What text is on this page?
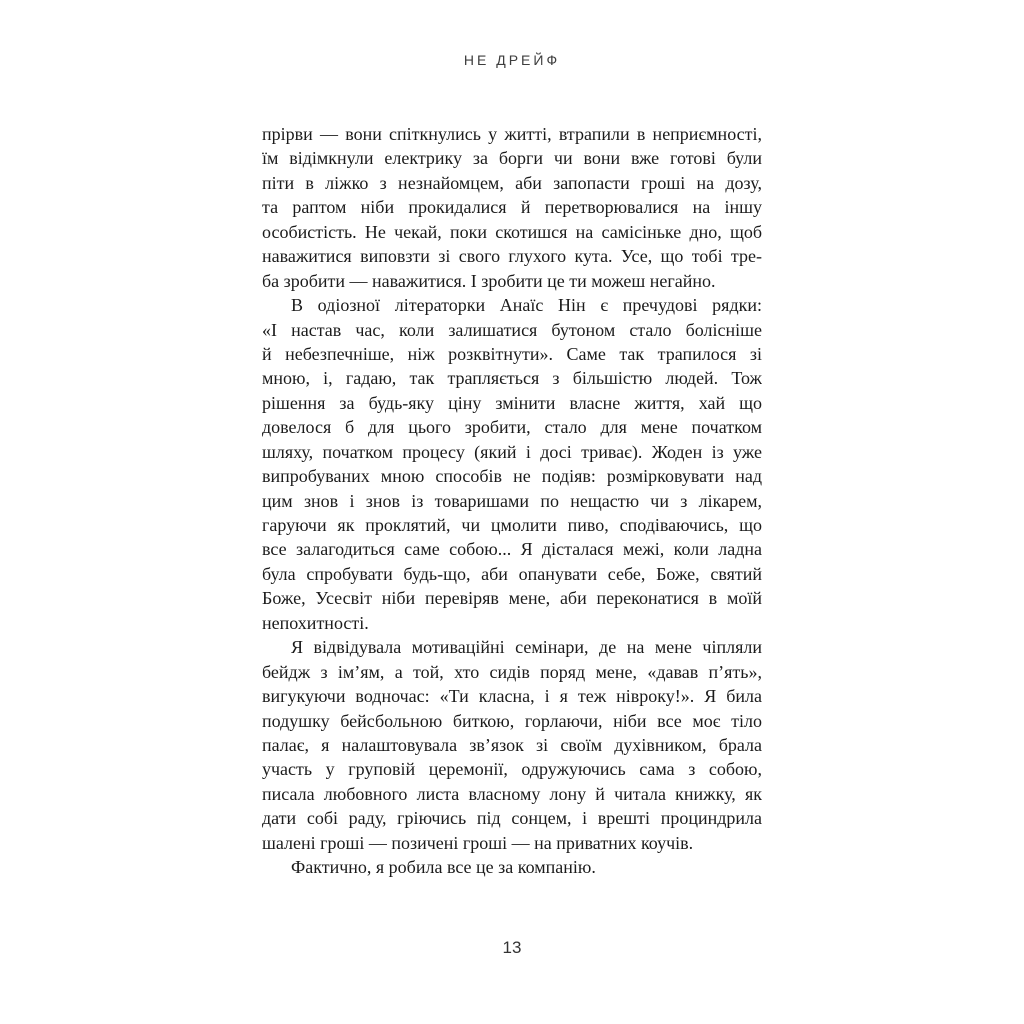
НЕ ДРЕЙФ
прірви — вони спіткнулись у житті, втрапили в неприємності,
їм відімкнули електрику за борги чи вони вже готові були
піти в ліжко з незнайомцем, аби запопасти гроші на дозу,
та раптом ніби прокидалися й перетворювалися на іншу
особистість. Не чекай, поки скотишся на самісіньке дно, щоб
наважитися виповзти зі свого глухого кута. Усе, що тобі тре-
ба зробити — наважитися. І зробити це ти можеш негайно.
В одіозної літераторки Анаїс Нін є пречудові рядки:
«І настав час, коли залишатися бутоном стало болісніше
й небезпечніше, ніж розквітнути». Саме так трапилося зі
мною, і, гадаю, так трапляється з більшістю людей. Тож
рішення за будь-яку ціну змінити власне життя, хай що
довелося б для цього зробити, стало для мене початком
шляху, початком процесу (який і досі триває). Жоден із уже
випробуваних мною способів не подіяв: розмірковувати над
цим знов і знов із товаришами по нещастю чи з лікарем,
гаруючи як проклятий, чи цмолити пиво, сподіваючись, що
все залагодиться саме собою... Я дісталася межі, коли ладна
була спробувати будь-що, аби опанувати себе, Боже, святий
Боже, Усесвіт ніби перевіряв мене, аби переконатися в моїй
непохитності.
Я відвідувала мотиваційні семінари, де на мене чіпляли
бейдж з ім’ям, а той, хто сидів поряд мене, «давав п’ять»,
вигукуючи водночас: «Ти класна, і я теж нівроку!». Я била
подушку бейсбольною биткою, горлаючи, ніби все моє тіло
палає, я налаштовувала зв’язок зі своїм духівником, брала
участь у груповій церемонії, одружуючись сама з собою,
писала любовного листа власному лону й читала книжку, як
дати собі раду, гріючись під сонцем, і врешті проциндрила
шалені гроші — позичені гроші — на приватних коучів.
Фактично, я робила все це за компанію.
13
